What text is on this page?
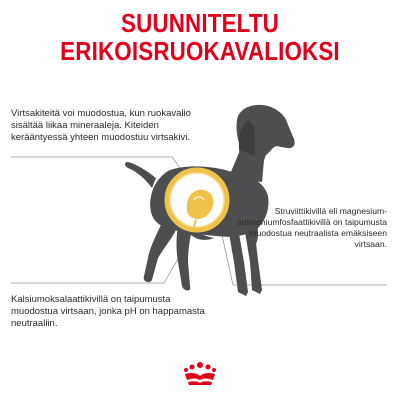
SUUNNITELTU
ERIKOISRUOKAVALIOKSI

Virtsakiteitä voi muodostua, kun ruokavalio sisältää liikaa mineraaleja. Kiteiden kerääntyessä yhteen muodostuu virtsakivi.

Struviittikivillä eli magnesium-ammoniumfosfaattikivillä on taipumusta muodostua neutraalista emäksiseen virtsaan.

Kalsiumoksalaattikivillä on taipumusta muodostua virtsaan, jonka pH on happamasta neutraaliin.
